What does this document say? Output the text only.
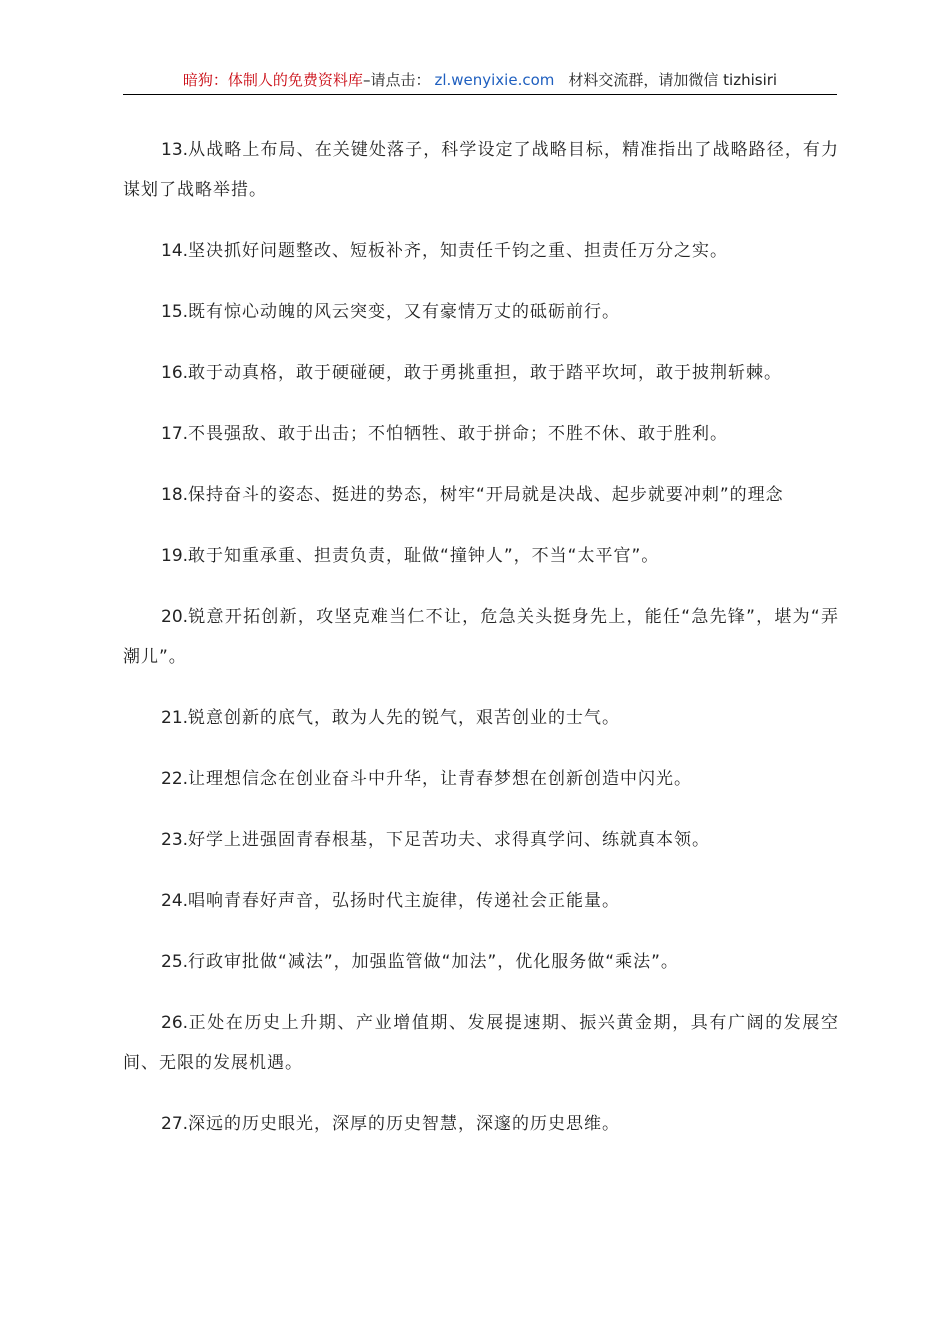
暗狗：体制人的免费资料库–请点击： zl.wenyixie.com 材料交流群，请加微信 tizhisiri

13.从战略上布局、在关键处落子，科学设定了战略目标，精准指出了战略路径，有力谋划了战略举措。

14.坚决抓好问题整改、短板补齐，知责任千钧之重、担责任万分之实。

15.既有惊心动魄的风云突变，又有豪情万丈的砥砺前行。

16.敢于动真格，敢于硬碰硬，敢于勇挑重担，敢于踏平坎坷，敢于披荆斩棘。

17.不畏强敌、敢于出击；不怕牺牲、敢于拼命；不胜不休、敢于胜利。

18.保持奋斗的姿态、挺进的势态，树牢“开局就是决战、起步就要冲刺”的理念

19.敢于知重承重、担责负责，耻做“撞钟人”，不当“太平官”。

20.锐意开拓创新，攻坚克难当仁不让，危急关头挺身先上，能任“急先锋”，堪为“弄潮儿”。

21.锐意创新的底气，敢为人先的锐气，艰苦创业的士气。

22.让理想信念在创业奋斗中升华，让青春梦想在创新创造中闪光。

23.好学上进强固青春根基，下足苦功夫、求得真学问、练就真本领。

24.唱响青春好声音，弘扬时代主旋律，传递社会正能量。

25.行政审批做“减法”，加强监管做“加法”，优化服务做“乘法”。

26.正处在历史上升期、产业增值期、发展提速期、振兴黄金期，具有广阔的发展空间、无限的发展机遇。

27.深远的历史眼光，深厚的历史智慧，深邃的历史思维。
